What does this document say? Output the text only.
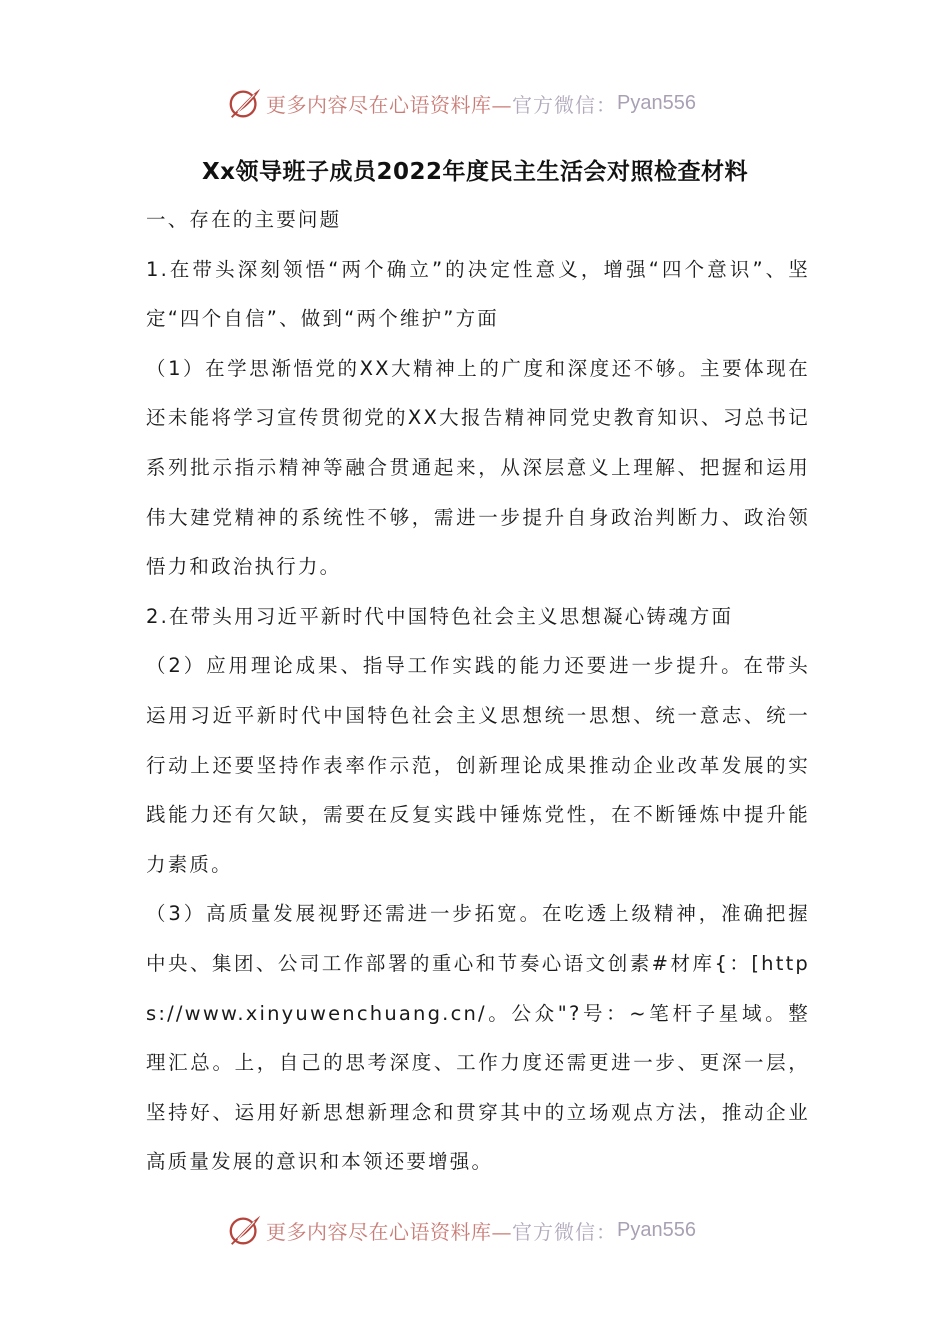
更多内容尽在心语资料库— 官方微信： Pyan556
Xx领导班子成员2022年度民主生活会对照检查材料

一、存在的主要问题

1.在带头深刻领悟“两个确立”的决定性意义，增强“四个意识”、坚定“四个自信”、做到“两个维护”方面

（1）在学思渐悟党的XX大精神上的广度和深度还不够。主要体现在还未能将学习宣传贯彻党的XX大报告精神同党史教育知识、习总书记系列批示指示精神等融合贯通起来，从深层意义上理解、把握和运用伟大建党精神的系统性不够，需进一步提升自身政治判断力、政治领悟力和政治执行力。

2.在带头用习近平新时代中国特色社会主义思想凝心铸魂方面

（2）应用理论成果、指导工作实践的能力还要进一步提升。在带头运用习近平新时代中国特色社会主义思想统一思想、统一意志、统一行动上还要坚持作表率作示范，创新理论成果推动企业改革发展的实践能力还有欠缺，需要在反复实践中锤炼党性，在不断锤炼中提升能力素质。

（3）高质量发展视野还需进一步拓宽。在吃透上级精神，准确把握中央、集团、公司工作部署的重心和节奏心语文创素#材库{：[https://www.xinyuwenchuang.cn/。公众"?号：~笔杆子星域。整理汇总。上，自己的思考深度、工作力度还需更进一步、更深一层，坚持好、运用好新思想新理念和贯穿其中的立场观点方法，推动企业高质量发展的意识和本领还要增强。

更多内容尽在心语资料库— 官方微信： Pyan556
